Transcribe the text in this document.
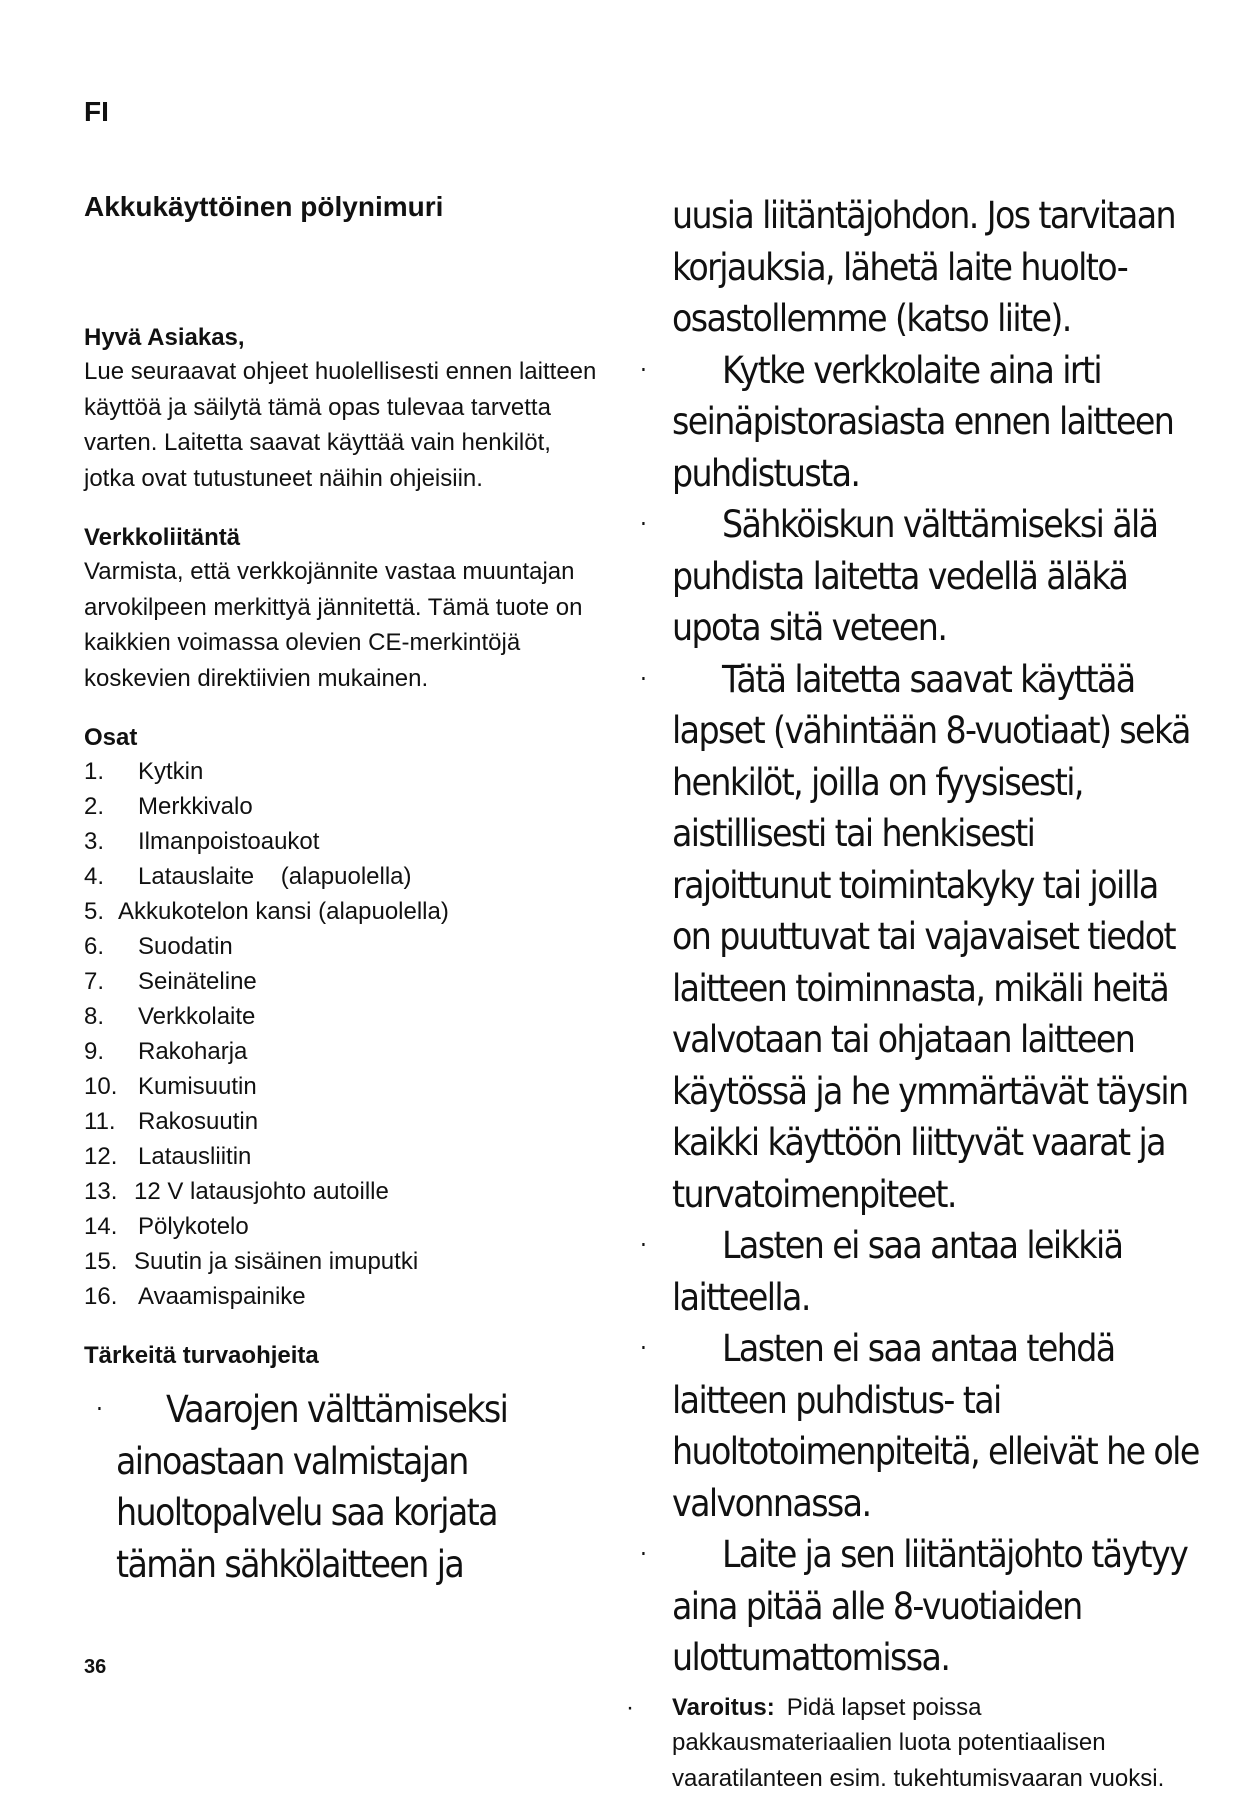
FI
Akkukäyttöinen pölynimuri

Hyvä Asiakas,

Lue seuraavat ohjeet huolellisesti ennen laitteen käyttöä ja säilytä tämä opas tulevaa tarvetta varten. Laitetta saavat käyttää vain henkilöt, jotka ovat tutustuneet näihin ohjeisiin.

Verkkoliitäntä

Varmista, että verkkojännite vastaa muuntajan arvokilpeen merkittyä jännitettä. Tämä tuote on kaikkien voimassa olevien CE-merkintöjä koskevien direktiivien mukainen.

Osat

1.	Kytkin
2.	Merkkivalo
3.	Ilmanpoistoaukot
4.	Latauslaite    (alapuolella)
5. Akkukotelon kansi (alapuolella)
6.	Suodatin
7.	Seinäteline
8.	Verkkolaite
9.	Rakoharja
10. Kumisuutin
11. Rakosuutin
12. Latausliitin
13. 12 V latausjohto autoille
14. Pölykotelo
15. Suutin ja sisäinen imuputki
16. Avaamispainike

Tärkeitä turvaohjeita

· Vaarojen välttämiseksi ainoastaan valmistajan huoltopalvelu saa korjata tämän sähkölaitteen ja

uusia liitäntäjohdon. Jos tarvitaan korjauksia, lähetä laite huolto-osastollemme (katso liite).

· Kytke verkkolaite aina irti seinäpistorasiasta ennen laitteen puhdistusta.
· Sähköiskun välttämiseksi älä puhdista laitetta vedellä äläkä upota sitä veteen.
· Tätä laitetta saavat käyttää lapset (vähintään 8-vuotiaat) sekä henkilöt, joilla on fyysisesti, aistillisesti tai henkisesti rajoittunut toimintakyky tai joilla on puuttuvat tai vajavaiset tiedot laitteen toiminnasta, mikäli heitä valvotaan tai ohjataan laitteen käytössä ja he ymmärtävät täysin kaikki käyttöön liittyvät vaarat ja turvatoimenpiteet.
· Lasten ei saa antaa leikkiä laitteella.
· Lasten ei saa antaa tehdä laitteen puhdistus- tai huoltotoimenpiteitä, elleivät he ole valvonnassa.
· Laite ja sen liitäntäjohto täytyy aina pitää alle 8-vuotiaiden ulottumattomissa.
· Varoitus: Pidä lapset poissa pakkausmateriaalien luota potentiaalisen vaaratilanteen esim. tukehtumisvaaran vuoksi.
36
